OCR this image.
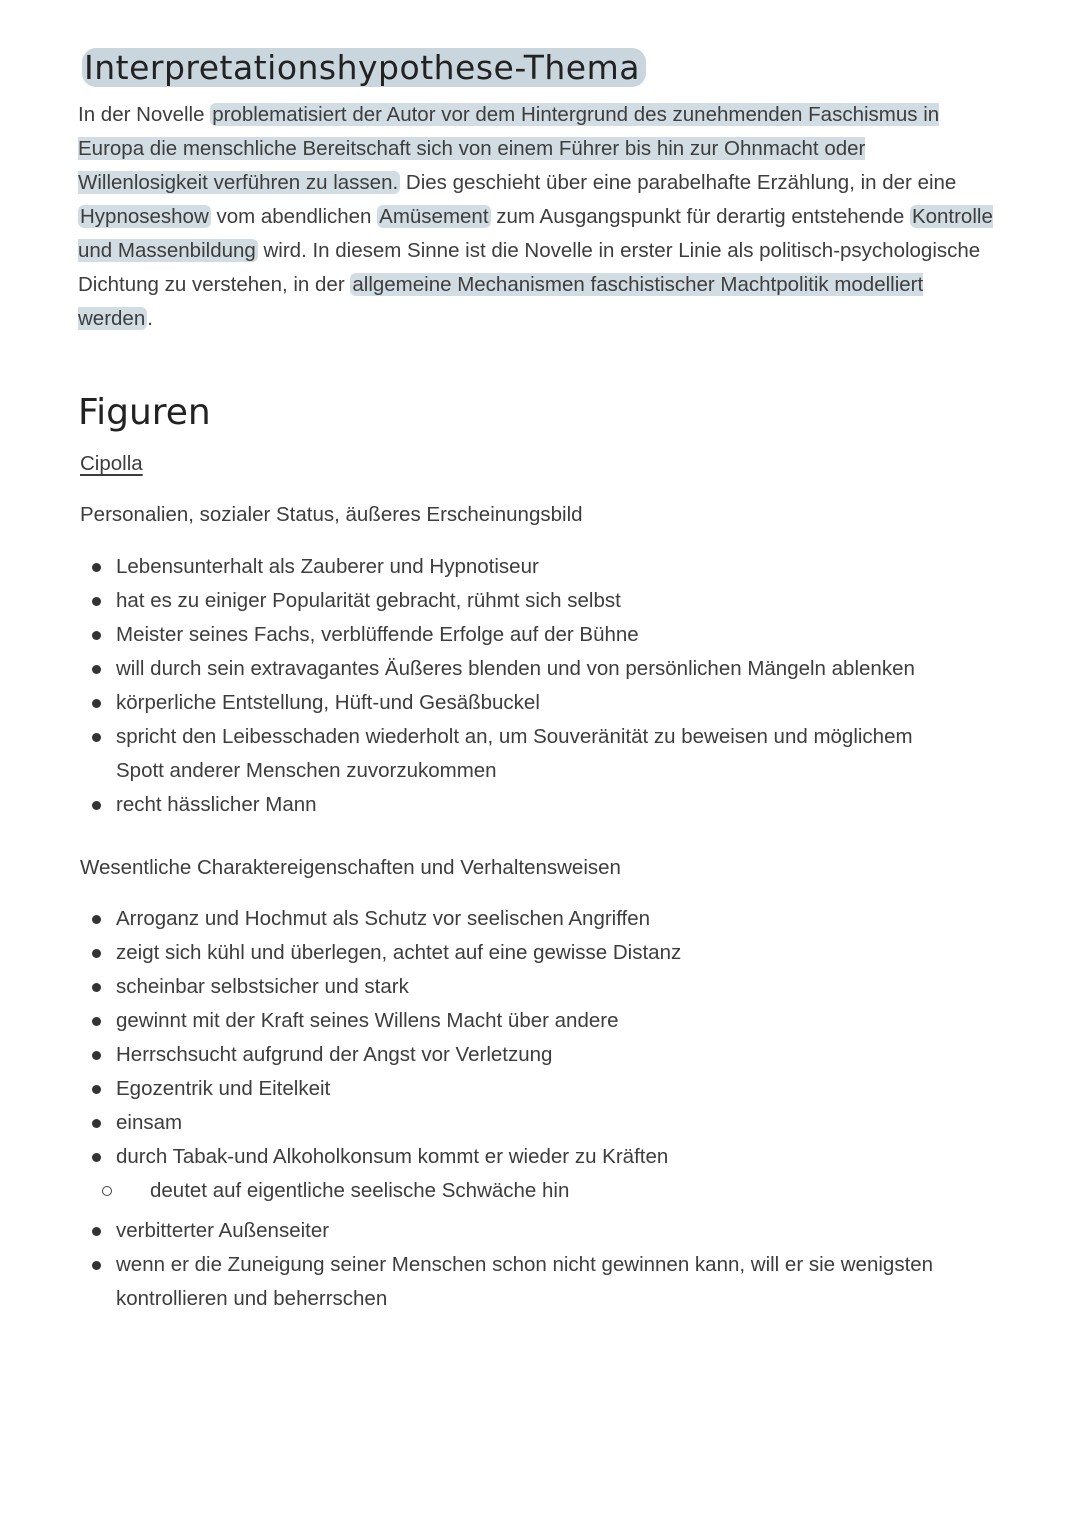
Interpretationshypothese-Thema

In der Novelle problematisiert der Autor vor dem Hintergrund des zunehmenden Faschismus in Europa die menschliche Bereitschaft sich von einem Führer bis hin zur Ohnmacht oder Willenlosigkeit verführen zu lassen. Dies geschieht über eine parabelhafte Erzählung, in der eine Hypnoseshow vom abendlichen Amüsement zum Ausgangspunkt für derartig entstehende Kontrolle und Massenbildung wird. In diesem Sinne ist die Novelle in erster Linie als politisch-psychologische Dichtung zu verstehen, in der allgemeine Mechanismen faschistischer Machtpolitik modelliert werden.

Figuren

Cipolla

Personalien, sozialer Status, äußeres Erscheinungsbild

Lebensunterhalt als Zauberer und Hypnotiseur
hat es zu einiger Popularität gebracht, rühmt sich selbst
Meister seines Fachs, verblüffende Erfolge auf der Bühne
will durch sein extravagantes Äußeres blenden und von persönlichen Mängeln ablenken
körperliche Entstellung, Hüft-und Gesäßbuckel
spricht den Leibesschaden wiederholt an, um Souveränität zu beweisen und möglichem Spott anderer Menschen zuvorzukommen
recht hässlicher Mann

Wesentliche Charaktereigenschaften und Verhaltensweisen

Arroganz und Hochmut als Schutz vor seelischen Angriffen
zeigt sich kühl und überlegen, achtet auf eine gewisse Distanz
scheinbar selbstsicher und stark
gewinnt mit der Kraft seines Willens Macht über andere
Herrschsucht aufgrund der Angst vor Verletzung
Egozentrik und Eitelkeit
einsam
durch Tabak-und Alkoholkonsum kommt er wieder zu Kräften
deutet auf eigentliche seelische Schwäche hin
verbitterter Außenseiter
wenn er die Zuneigung seiner Menschen schon nicht gewinnen kann, will er sie wenigsten kontrollieren und beherrschen
